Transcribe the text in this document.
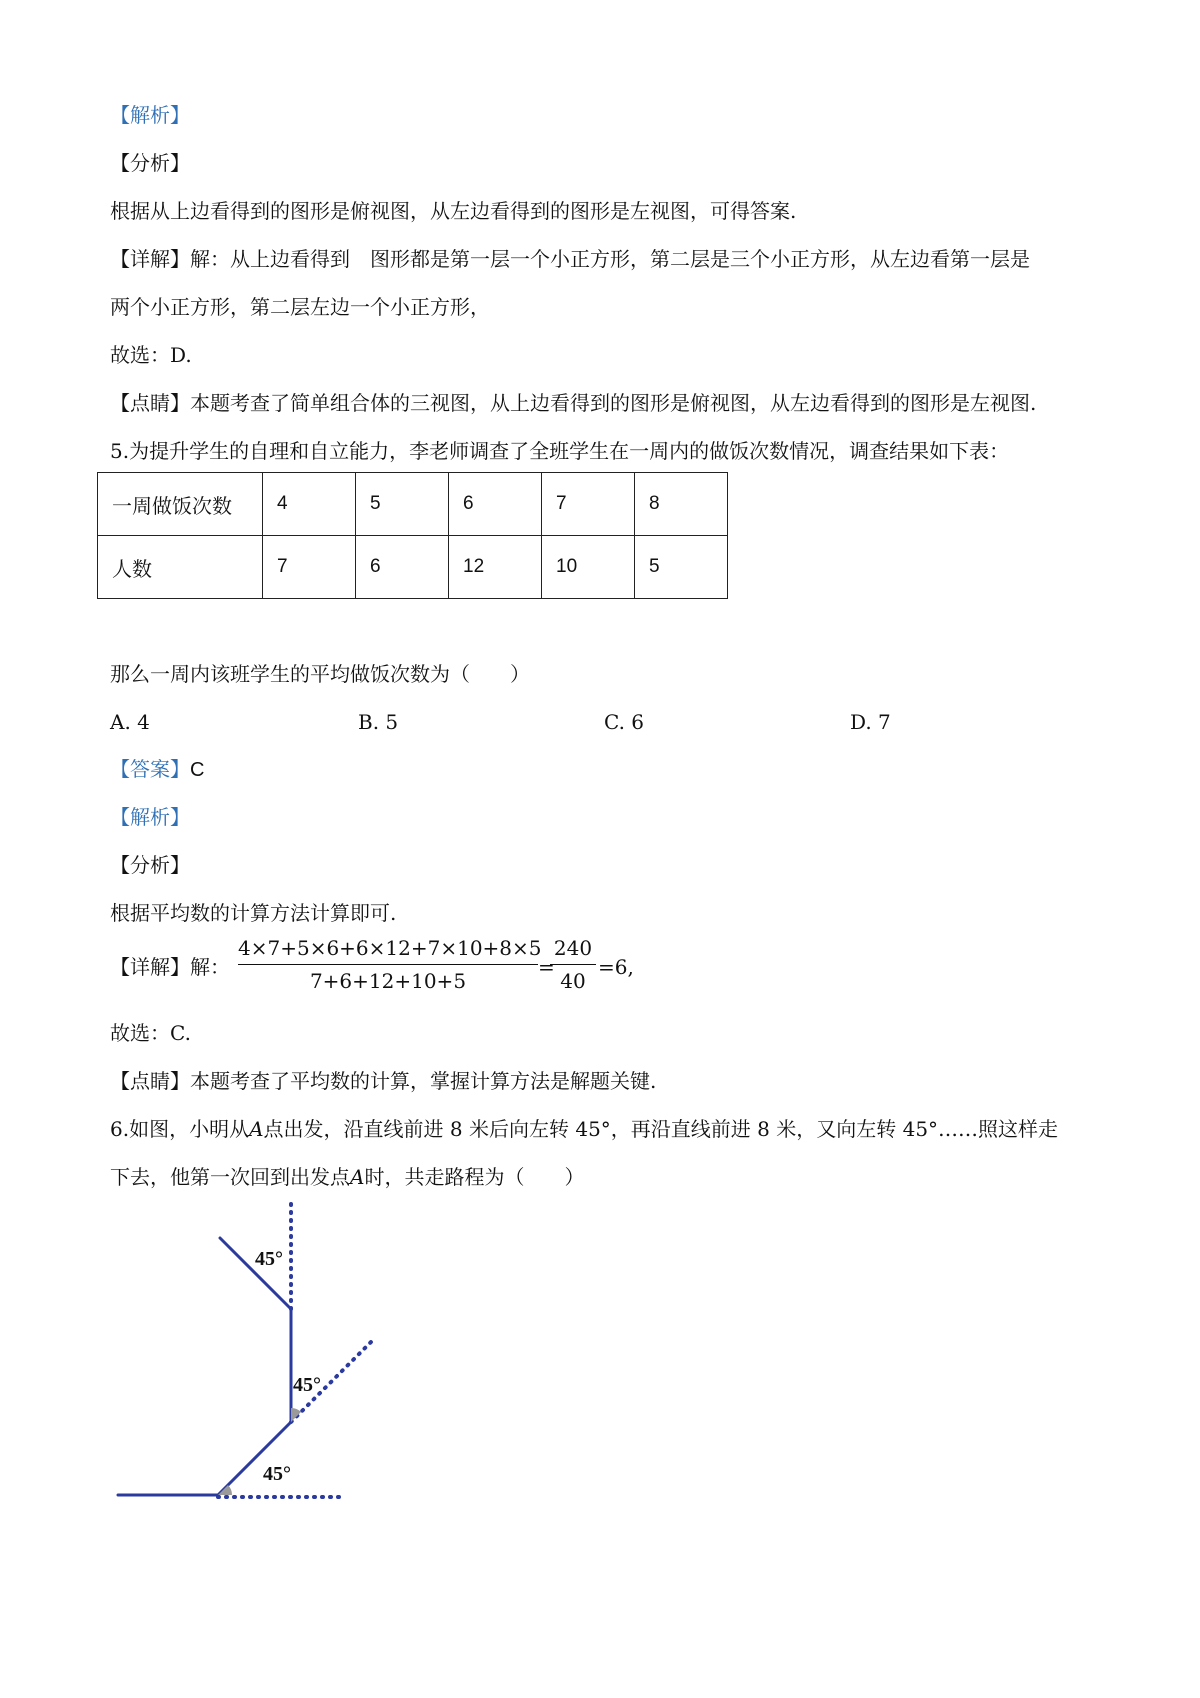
【解析】
【分析】
根据从上边看得到的图形是俯视图，从左边看得到的图形是左视图，可得答案.
【详解】解：从上边看得到　图形都是第一层一个小正方形，第二层是三个小正方形，从左边看第一层是
两个小正方形，第二层左边一个小正方形，
故选：D.
【点睛】本题考查了简单组合体的三视图，从上边看得到的图形是俯视图，从左边看得到的图形是左视图.
5.为提升学生的自理和自立能力，李老师调查了全班学生在一周内的做饭次数情况，调查结果如下表：
一周做饭次数	4	5	6	7	8
人数	7	6	12	10	5
那么一周内该班学生的平均做饭次数为（　　）
A. 4	B. 5	C. 6	D. 7
【答案】C
【解析】
【分析】
根据平均数的计算方法计算即可.
【详解】解：
4×7+5×6+6×12+7×10+8×5
7+6+12+10+5
=
240
40
=6,
故选：C.
【点睛】本题考查了平均数的计算，掌握计算方法是解题关键.
6.如图，小明从A点出发，沿直线前进 8 米后向左转 45°，再沿直线前进 8 米，又向左转 45°……照这样走
下去，他第一次回到出发点A时，共走路程为（　　）
45°
45°
45°
